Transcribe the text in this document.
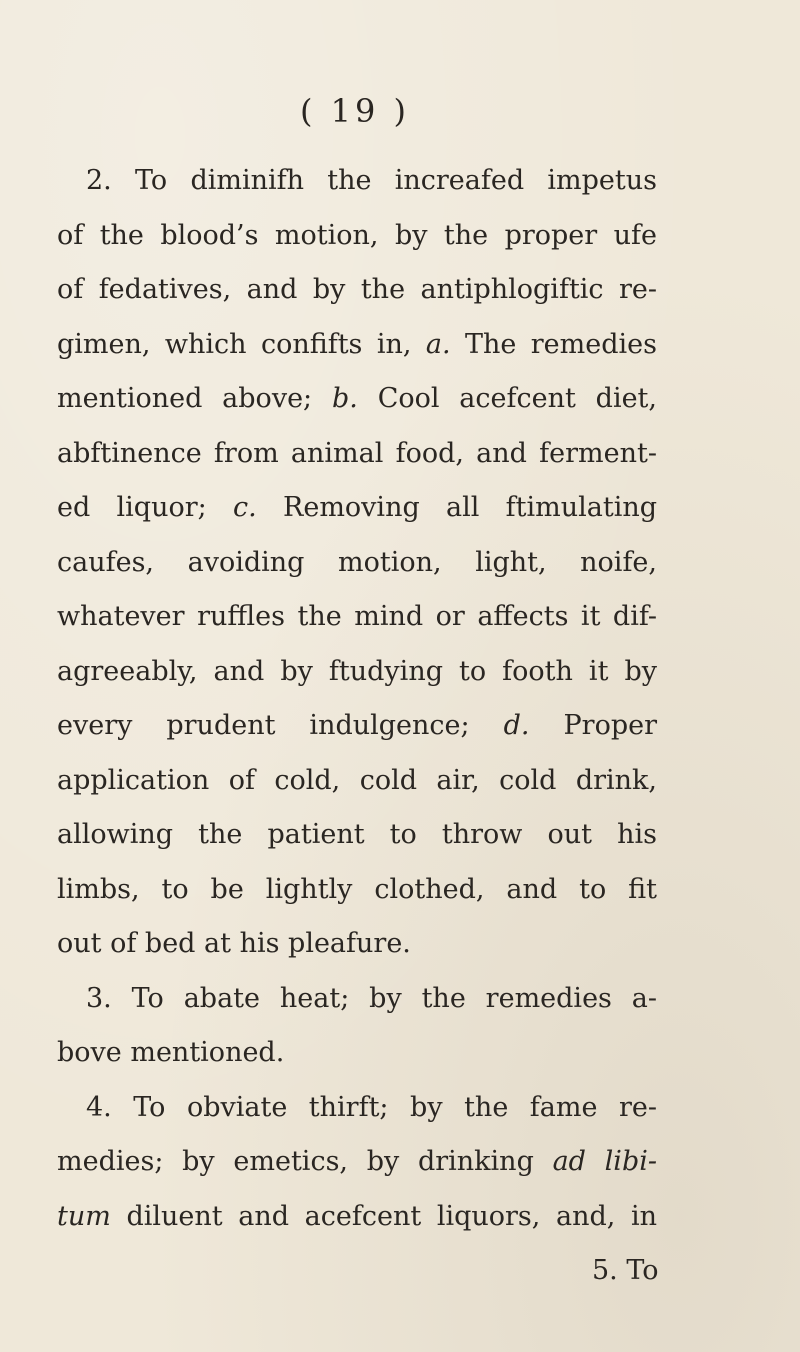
( 19 )
2. To diminifh the increafed impetus
of the blood’s motion, by the proper ufe
of fedatives, and by the antiphlogiftic re-
gimen, which confifts in, a. The remedies
mentioned above; b. Cool acefcent diet,
abftinence from animal food, and ferment-
ed liquor; c. Removing all ftimulating
caufes, avoiding motion, light, noife,
whatever ruffles the mind or affects it dif-
agreeably, and by ftudying to footh it by
every prudent indulgence; d. Proper
application of cold, cold air, cold drink,
allowing the patient to throw out his
limbs, to be lightly clothed, and to fit
out of bed at his pleafure.
3. To abate heat; by the remedies a-
bove mentioned.
4. To obviate thirft; by the fame re-
medies; by emetics, by drinking ad libi-
tum diluent and acefcent liquors, and, in
5. To
